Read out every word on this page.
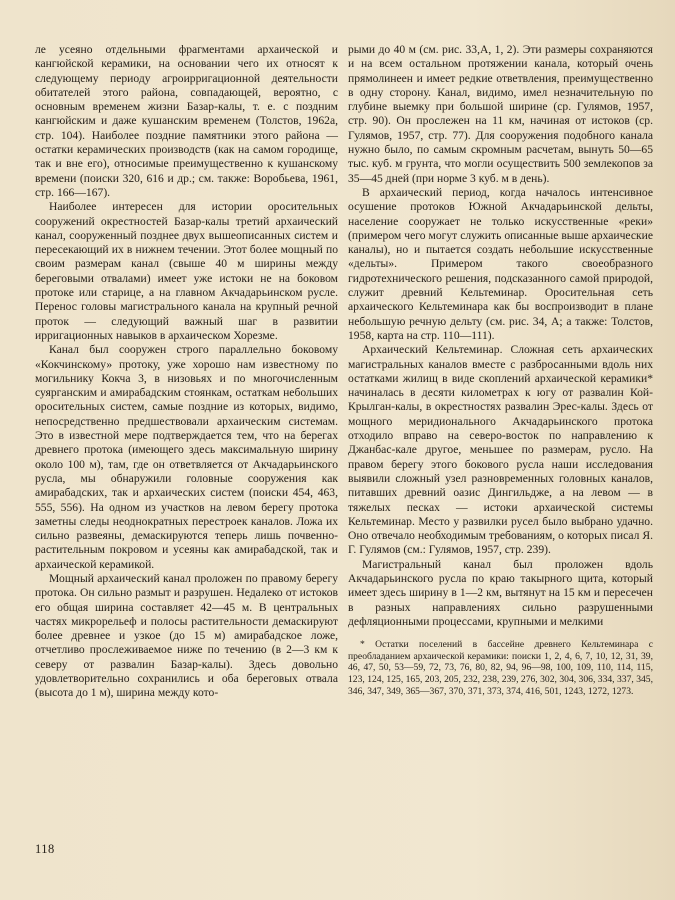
ле усеяно отдельными фрагментами архаической и кангюйской керамики, на основании чего их относят к следующему периоду агроирригационной деятельности обитателей этого района, совпадающей, вероятно, с основным временем жизни Базар-калы, т. е. с поздним кангюйским и даже кушанским временем (Толстов, 1962а, стр. 104). Наиболее поздние памятники этого района — остатки керамических производств (как на самом городище, так и вне его), относимые преимущественно к кушанскому времени (поиски 320, 616 и др.; см. также: Воробьева, 1961, стр. 166—167).

Наиболее интересен для истории оросительных сооружений окрестностей Базар-калы третий архаический канал, сооруженный позднее двух вышеописанных систем и пересекающий их в нижнем течении. Этот более мощный по своим размерам канал (свыше 40 м ширины между береговыми отвалами) имеет уже истоки не на боковом протоке или старице, а на главном Акчадарьинском русле. Перенос головы магистрального канала на крупный речной проток — следующий важный шаг в развитии ирригационных навыков в архаическом Хорезме.

Канал был сооружен строго параллельно боковому «Кокчинскому» протоку, уже хорошо нам известному по могильнику Кокча 3, в низовьях и по многочисленным суярганским и амирабадским стоянкам, остаткам небольших оросительных систем, самые поздние из которых, видимо, непосредственно предшествовали архаическим системам. Это в известной мере подтверждается тем, что на берегах древнего протока (имеющего здесь максимальную ширину около 100 м), там, где он ответвляется от Акчадарьинского русла, мы обнаружили головные сооружения как амирабадских, так и архаических систем (поиски 454, 463, 555, 556). На одном из участков на левом берегу протока заметны следы неоднократных перестроек каналов. Ложа их сильно развеяны, демаскируются теперь лишь почвенно-растительным покровом и усеяны как амирабадской, так и архаической керамикой.

Мощный архаический канал проложен по правому берегу протока. Он сильно размыт и разрушен. Недалеко от истоков его общая ширина составляет 42—45 м. В центральных частях микрорельеф и полосы растительности демаскируют более древнее и узкое (до 15 м) амирабадское ложе, отчетливо прослеживаемое ниже по течению (в 2—3 км к северу от развалин Базар-калы). Здесь довольно удовлетворительно сохранились и оба береговых отвала (высота до 1 м), ширина между кото-

рыми до 40 м (см. рис. 33,А, 1, 2). Эти размеры сохраняются и на всем остальном протяжении канала, который очень прямолинеен и имеет редкие ответвления, преимущественно в одну сторону. Канал, видимо, имел незначительную по глубине выемку при большой ширине (ср. Гулямов, 1957, стр. 90). Он прослежен на 11 км, начиная от истоков (ср. Гулямов, 1957, стр. 77). Для сооружения подобного канала нужно было, по самым скромным расчетам, вынуть 50—65 тыс. куб. м грунта, что могли осуществить 500 землекопов за 35—45 дней (при норме 3 куб. м в день).

В архаический период, когда началось интенсивное осушение протоков Южной Акчадарьинской дельты, население сооружает не только искусственные «реки» (примером чего могут служить описанные выше архаические каналы), но и пытается создать небольшие искусственные «дельты». Примером такого своеобразного гидротехнического решения, подсказанного самой природой, служит древний Кельтеминар. Оросительная сеть архаического Кельтеминара как бы воспроизводит в плане небольшую речную дельту (см. рис. 34, А; а также: Толстов, 1958, карта на стр. 110—111).

Архаический Кельтеминар. Сложная сеть архаических магистральных каналов вместе с разбросанными вдоль них остатками жилищ в виде скоплений архаической керамики* начиналась в десяти километрах к югу от развалин Кой-Крылган-калы, в окрестностях развалин Эрес-калы. Здесь от мощного меридионального Акчадарьинского протока отходило вправо на северо-восток по направлению к Джанбас-кале другое, меньшее по размерам, русло. На правом берегу этого бокового русла наши исследования выявили сложный узел разновременных головных каналов, питавших древний оазис Дингильдже, а на левом — в тяжелых песках — истоки архаической системы Кельтеминар. Место у развилки русел было выбрано удачно. Оно отвечало необходимым требованиям, о которых писал Я. Г. Гулямов (см.: Гулямов, 1957, стр. 239).

Магистральный канал был проложен вдоль Акчадарьинского русла по краю такырного щита, который имеет здесь ширину в 1—2 км, вытянут на 15 км и пересечен в разных направлениях сильно разрушенными дефляционными процессами, крупными и мелкими

* Остатки поселений в бассейне древнего Кельтеминара с преобладанием архаической керамики: поиски 1, 2, 4, 6, 7, 10, 12, 31, 39, 46, 47, 50, 53—59, 72, 73, 76, 80, 82, 94, 96—98, 100, 109, 110, 114, 115, 123, 124, 125, 165, 203, 205, 232, 238, 239, 276, 302, 304, 306, 334, 337, 345, 346, 347, 349, 365—367, 370, 371, 373, 374, 416, 501, 1243, 1272, 1273.

118
